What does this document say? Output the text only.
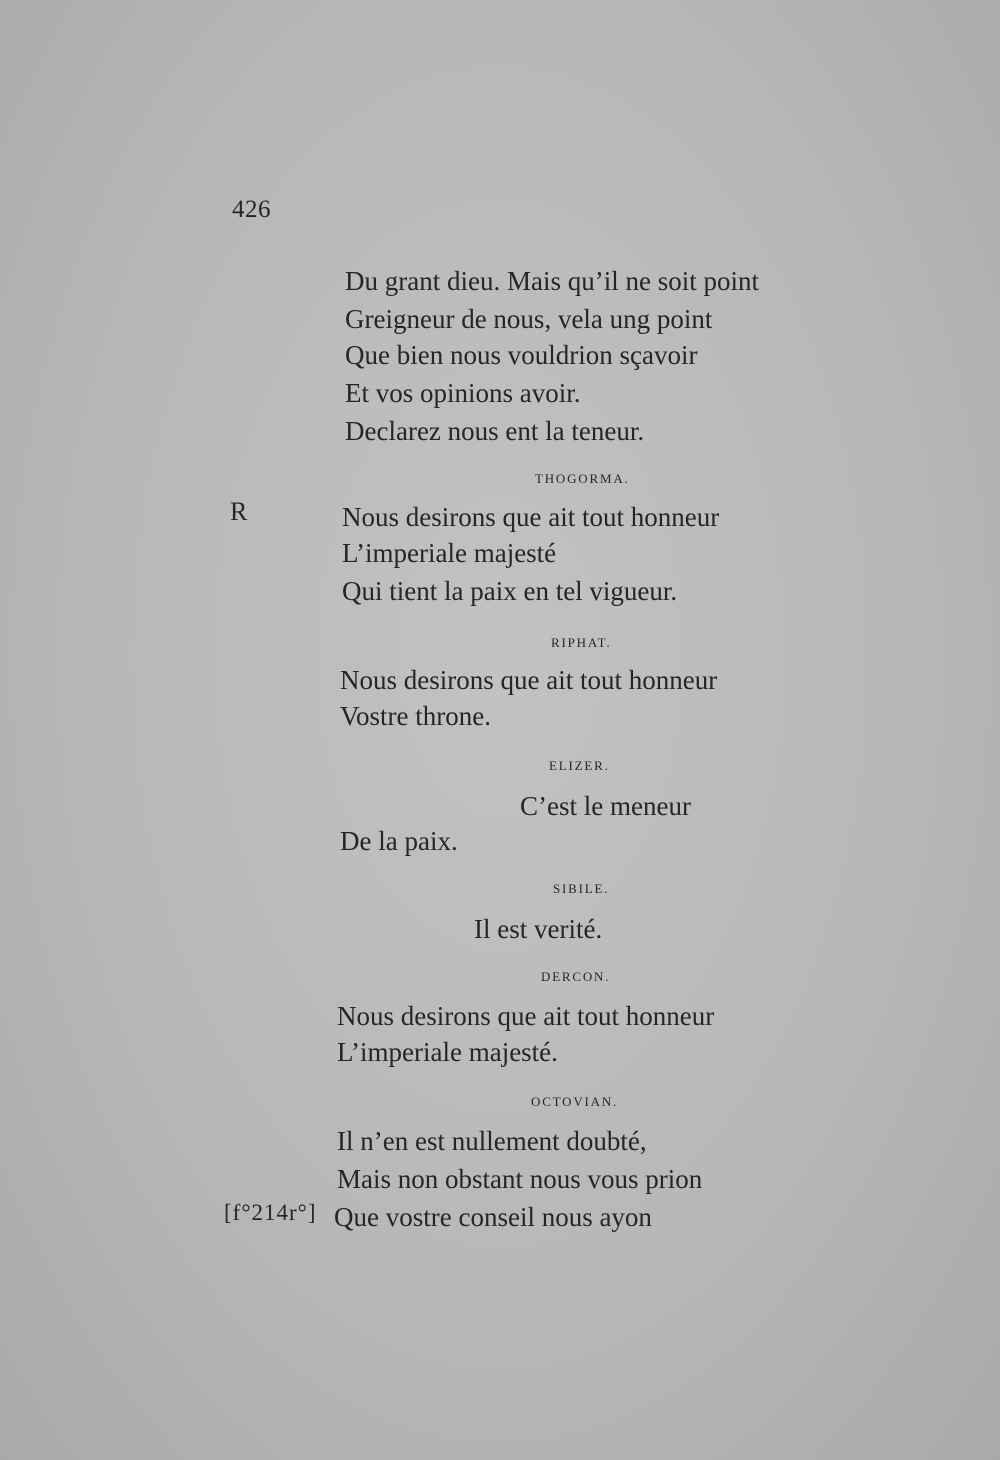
426
Du grant dieu. Mais qu’il ne soit point
Greigneur de nous, vela ung point
Que bien nous vouldrion sçavoir
Et vos opinions avoir.
Declarez nous ent la teneur.
THOGORMA.
R	Nous desirons que ait tout honneur
L’imperiale majesté
Qui tient la paix en tel vigueur.
RIPHAT.
Nous desirons que ait tout honneur
Vostre throne.
ELIZER.
C’est le meneur
De la paix.
SIBILE.
Il est verité.
DERCON.
Nous desirons que ait tout honneur
L’imperiale majesté.
OCTOVIAN.
Il n’en est nullement doubté,
Mais non obstant nous vous prion
[f°214r°] Que vostre conseil nous ayon
